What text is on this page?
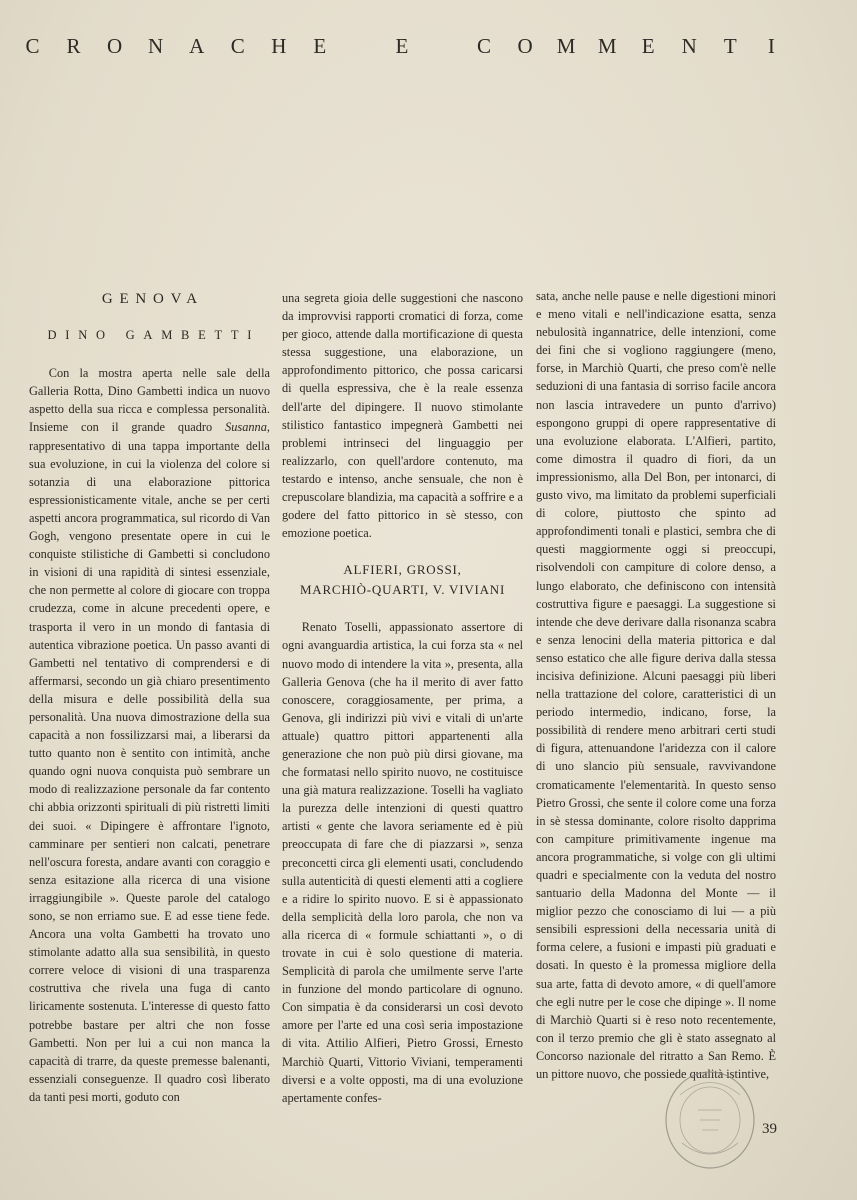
C R O N A C H E
	E
	C O M M E N T	I

GENOVA

DINO GAMBETTI

Con la mostra aperta nelle sale della Galleria Rotta, Dino Gambetti indica un nuovo aspetto della sua ricca e complessa personalità. Insieme con il grande quadro Susanna, rappresentativo di una tappa importante della sua evoluzione, in cui la violenza del colore si sotanzia di una elaborazione pittorica espressionisticamente vitale, anche se per certi aspetti ancora programmatica, sul ricordo di Van Gogh, vengono presentate opere in cui le conquiste stilistiche di Gambetti si concludono in visioni di una rapidità di sintesi essenziale, che non permette al colore di giocare con troppa crudezza, come in alcune precedenti opere, e trasporta il vero in un mondo di fantasia di autentica vibrazione poetica. Un passo avanti di Gambetti nel tentativo di comprendersi e di affermarsi, secondo un già chiaro presentimento della misura e delle possibilità della sua personalità. Una nuova dimostrazione della sua capacità a non fossilizzarsi mai, a liberarsi da tutto quanto non è sentito con intimità, anche quando ogni nuova conquista può sembrare un modo di realizzazione personale da far contento chi abbia orizzonti spirituali di più ristretti limiti dei suoi. « Dipingere è affrontare l'ignoto, camminare per sentieri non calcati, penetrare nell'oscura foresta, andare avanti con coraggio e senza esitazione alla ricerca di una visione irraggiungibile ». Queste parole del catalogo sono, se non erriamo sue. E ad esse tiene fede. Ancora una volta Gambetti ha trovato uno stimolante adatto alla sua sensibilità, in questo correre veloce di visioni di una trasparenza costruttiva che rivela una fuga di canto liricamente sostenuta. L'interesse di questo fatto potrebbe bastare per altri che non fosse Gambetti. Non per lui a cui non manca la capacità di trarre, da queste premesse balenanti, essenziali conseguenze. Il quadro così liberato da tanti pesi morti, goduto con

una segreta gioia delle suggestioni che nascono da improvvisi rapporti cromatici di forza, come per gioco, attende dalla mortificazione di questa stessa suggestione, una elaborazione, un approfondimento pittorico, che possa caricarsi di quella espressiva, che è la reale essenza dell'arte del dipingere. Il nuovo stimolante stilistico fantastico impegnerà Gambetti nei problemi intrinseci del linguaggio per realizzarlo, con quell'ardore contenuto, ma testardo e intenso, anche sensuale, che non è crepuscolare blandizia, ma capacità a soffrire e a godere del fatto pittorico in sè stesso, con emozione poetica.

ALFIERI, GROSSI,
MARCHIÒ-QUARTI, V. VIVIANI

Renato Toselli, appassionato assertore di ogni avanguardia artistica, la cui forza sta « nel nuovo modo di intendere la vita », presenta, alla Galleria Genova (che ha il merito di aver fatto conoscere, coraggiosamente, per prima, a Genova, gli indirizzi più vivi e vitali di un'arte attuale) quattro pittori appartenenti alla generazione che non può più dirsi giovane, ma che formatasi nello spirito nuovo, ne costituisce una già matura realizzazione. Toselli ha vagliato la purezza delle intenzioni di questi quattro artisti « gente che lavora seriamente ed è più preoccupata di fare che di piazzarsi », senza preconcetti circa gli elementi usati, concludendo sulla autenticità di questi elementi atti a cogliere e a ridire lo spirito nuovo. E si è appassionato della semplicità della loro parola, che non va alla ricerca di « formule schiattanti », o di trovate in cui è solo questione di materia. Semplicità di parola che umilmente serve l'arte in funzione del mondo particolare di ognuno. Con simpatia è da considerarsi un così devoto amore per l'arte ed una così seria impostazione di vita. Attilio Alfieri, Pietro Grossi, Ernesto Marchiò Quarti, Vittorio Viviani, temperamenti diversi e a volte opposti, ma di una evoluzione apertamente confes-

sata, anche nelle pause e nelle digestioni minori e meno vitali e nell'indicazione esatta, senza nebulosità ingannatrice, delle intenzioni, come dei fini che si vogliono raggiungere (meno, forse, in Marchiò Quarti, che preso com'è nelle seduzioni di una fantasia di sorriso facile ancora non lascia intravedere un punto d'arrivo) espongono gruppi di opere rappresentative di una evoluzione elaborata. L'Alfieri, partito, come dimostra il quadro di fiori, da un impressionismo, alla Del Bon, per intonarci, di gusto vivo, ma limitato da problemi superficiali di colore, piuttosto che spinto ad approfondimenti tonali e plastici, sembra che di questi maggiormente oggi si preoccupi, risolvendoli con campiture di colore denso, a lungo elaborato, che definiscono con intensità costruttiva figure e paesaggi. La suggestione si intende che deve derivare dalla risonanza scabra e senza lenocini della materia pittorica e dal senso estatico che alle figure deriva dalla stessa incisiva definizione. Alcuni paesaggi più liberi nella trattazione del colore, caratteristici di un periodo intermedio, indicano, forse, la possibilità di rendere meno arbitrari certi studi di figura, attenuandone l'aridezza con il calore di uno slancio più sensuale, ravvivandone cromaticamente l'elementarità. In questo senso Pietro Grossi, che sente il colore come una forza in sè stessa dominante, colore risolto dapprima con campiture primitivamente ingenue ma ancora programmatiche, si volge con gli ultimi quadri e specialmente con la veduta del nostro santuario della Madonna del Monte — il miglior pezzo che conosciamo di lui — a più sensibili espressioni della necessaria unità di forma celere, a fusioni e impasti più graduati e dosati. In questo è la promessa migliore della sua arte, fatta di devoto amore, « di quell'amore che egli nutre per le cose che dipinge ». Il nome di Marchiò Quarti si è reso noto recentemente, con il terzo premio che gli è stato assegnato al Concorso nazionale del ritratto a San Remo. È un pittore nuovo, che possiede qualità istintive,

39
